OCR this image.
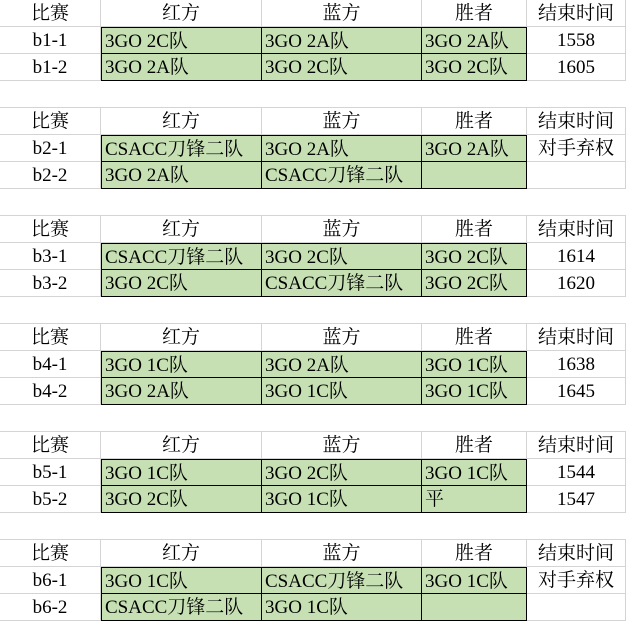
比赛	红方	蓝方	胜者	结束时间
b1-1	3GO 2C队	3GO 2A队	3GO 2A队	1558
b1-2	3GO 2A队	3GO 2C队	3GO 2C队	1605
比赛	红方	蓝方	胜者	结束时间
b2-1	CSACC刀锋二队	3GO 2A队	3GO 2A队	对手弃权
b2-2	3GO 2A队	CSACC刀锋二队
比赛	红方	蓝方	胜者	结束时间
b3-1	CSACC刀锋二队	3GO 2C队	3GO 2C队	1614
b3-2	3GO 2C队	CSACC刀锋二队	3GO 2C队	1620
比赛	红方	蓝方	胜者	结束时间
b4-1	3GO 1C队	3GO 2A队	3GO 1C队	1638
b4-2	3GO 2A队	3GO 1C队	3GO 1C队	1645
比赛	红方	蓝方	胜者	结束时间
b5-1	3GO 1C队	3GO 2C队	3GO 1C队	1544
b5-2	3GO 2C队	3GO 1C队	平	1547
比赛	红方	蓝方	胜者	结束时间
b6-1	3GO 1C队	CSACC刀锋二队	3GO 1C队	对手弃权
b6-2	CSACC刀锋二队	3GO 1C队
